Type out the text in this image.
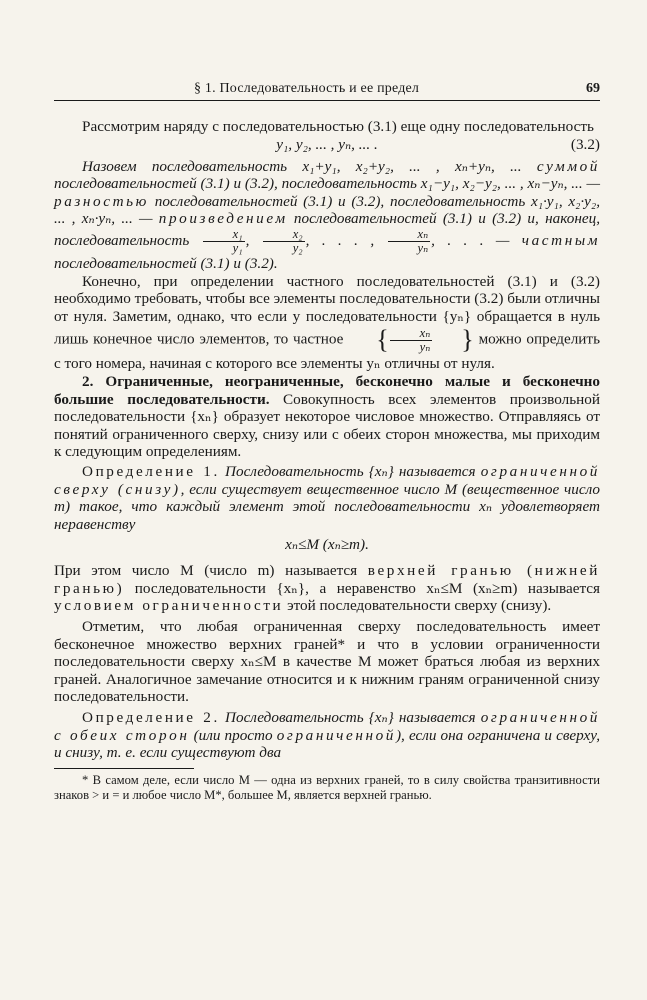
§ 1. Последовательность и ее предел	69

Рассмотрим наряду с последовательностью (3.1) еще одну последовательность

y₁, y₂, ... , yₙ, ... .	(3.2)

Назовем последовательность x₁+y₁, x₂+y₂, ... , xₙ+yₙ, ... суммой последовательностей (3.1) и (3.2), последовательность x₁−y₁, x₂−y₂, ... , xₙ−yₙ, ... — разностью последовательностей (3.1) и (3.2), последовательность x₁·y₁, x₂·y₂, ... , xₙ·yₙ, ... — произведением последовательностей (3.1) и (3.2) и, наконец, последовательность $\frac{\text{x₁}}{\text{y₁}}$ , $\frac{\text{x₂}}{\text{y₂}}$ , . . . , $\frac{\text{xₙ}}{\text{yₙ}}$ , . . . — частным последовательностей (3.1) и (3.2).

Конечно, при определении частного последовательностей (3.1) и (3.2) необходимо требовать, чтобы все элементы последовательности (3.2) были отличны от нуля. Заметим, однако, что если у последовательности {yₙ} обращается в нуль лишь конечное число элементов, то частное { $\frac{\text{xₙ}}{\text{yₙ}}$ } можно определить с того номера, начиная с которого все элементы yₙ отличны от нуля.

2. Ограниченные, неограниченные, бесконечно малые и бесконечно большие последовательности. Совокупность всех элементов произвольной последовательности {xₙ} образует некоторое числовое множество. Отправляясь от понятий ограниченного сверху, снизу или с обеих сторон множества, мы приходим к следующим определениям.

Определение 1. Последовательность {xₙ} называется ограниченной сверху (снизу), если существует вещественное число M (вещественное число m) такое, что каждый элемент этой последовательности xₙ удовлетворяет неравенству

xₙ≤M (xₙ≥m).

При этом число M (число m) называется верхней гранью (нижней гранью) последовательности {xₙ}, а неравенство xₙ≤M (xₙ≥m) называется условием ограниченности этой последовательности сверху (снизу).

Отметим, что любая ограниченная сверху последовательность имеет бесконечное множество верхних граней* и что в условии ограниченности последовательности сверху xₙ≤M в качестве M может браться любая из верхних граней. Аналогичное замечание относится и к нижним граням ограниченной снизу последовательности.

Определение 2. Последовательность {xₙ} называется ограниченной с обеих сторон (или просто ограниченной), если она ограничена и сверху, и снизу, т. е. если существуют два

* В самом деле, если число M — одна из верхних граней, то в силу свойства транзитивности знаков > и = и любое число M*, большее M, является верхней гранью.
